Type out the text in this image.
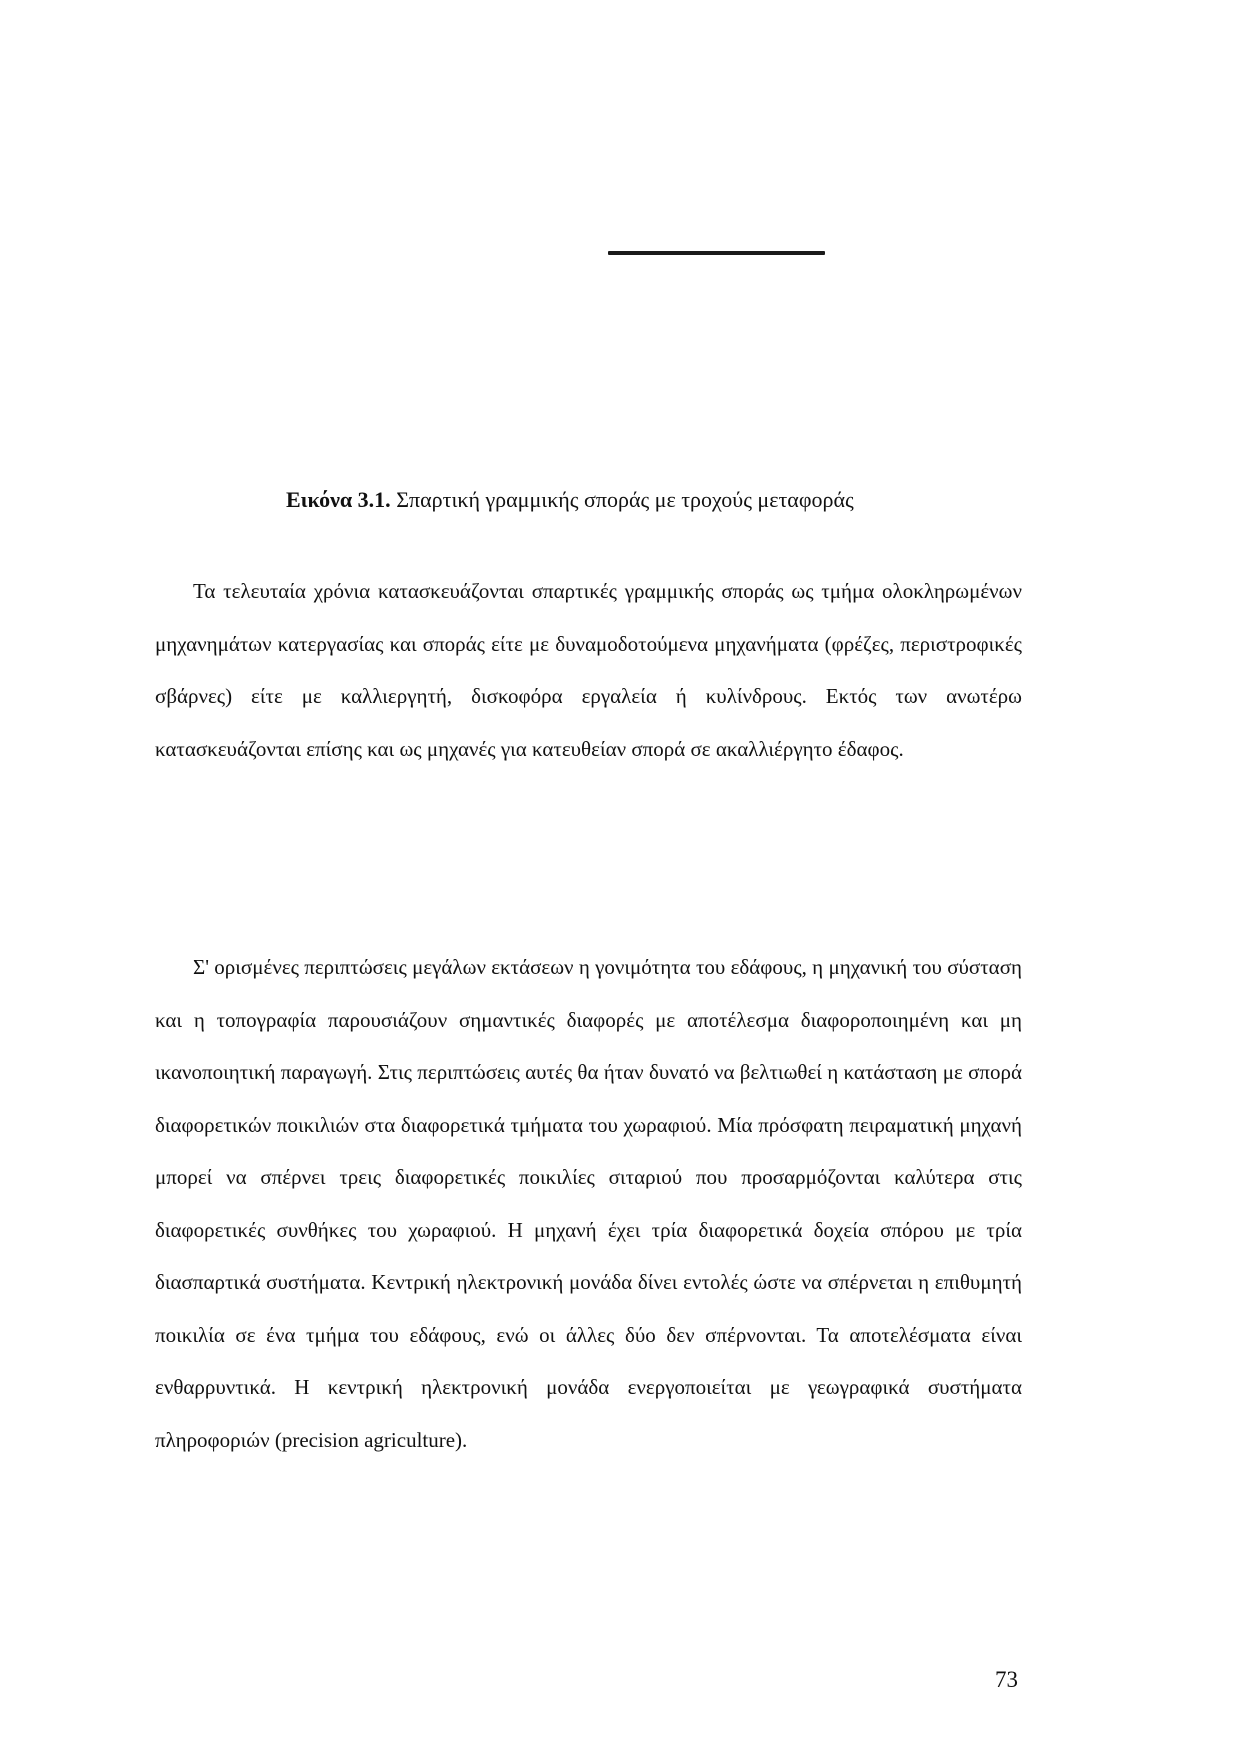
Εικόνα 3.1. Σπαρτική γραμμικής σποράς με τροχούς μεταφοράς

Τα τελευταία χρόνια κατασκευάζονται σπαρτικές γραμμικής σποράς ως τμήμα ολοκληρωμένων μηχανημάτων κατεργασίας και σποράς είτε με δυναμοδοτούμενα μηχανήματα (φρέζες, περιστροφικές σβάρνες) είτε με καλλιεργητή, δισκοφόρα εργαλεία ή κυλίνδρους. Εκτός των ανωτέρω κατασκευάζονται επίσης και ως μηχανές για κατευθείαν σπορά σε ακαλλιέργητο έδαφος.

Σ' ορισμένες περιπτώσεις μεγάλων εκτάσεων η γονιμότητα του εδάφους, η μηχανική του σύσταση και η τοπογραφία παρουσιάζουν σημαντικές διαφορές με αποτέλεσμα διαφοροποιημένη και μη ικανοποιητική παραγωγή. Στις περιπτώσεις αυτές θα ήταν δυνατό να βελτιωθεί η κατάσταση με σπορά διαφορετικών ποικιλιών στα διαφορετικά τμήματα του χωραφιού. Μία πρόσφατη πειραματική μηχανή μπορεί να σπέρνει τρεις διαφορετικές ποικιλίες σιταριού που προσαρμόζονται καλύτερα στις διαφορετικές συνθήκες του χωραφιού. Η μηχανή έχει τρία διαφορετικά δοχεία σπόρου με τρία διασπαρτικά συστήματα. Κεντρική ηλεκτρονική μονάδα δίνει εντολές ώστε να σπέρνεται η επιθυμητή ποικιλία σε ένα τμήμα του εδάφους, ενώ οι άλλες δύο δεν σπέρνονται. Τα αποτελέσματα είναι ενθαρρυντικά. Η κεντρική ηλεκτρονική μονάδα ενεργοποιείται με γεωγραφικά συστήματα πληροφοριών (precision agriculture).

73
